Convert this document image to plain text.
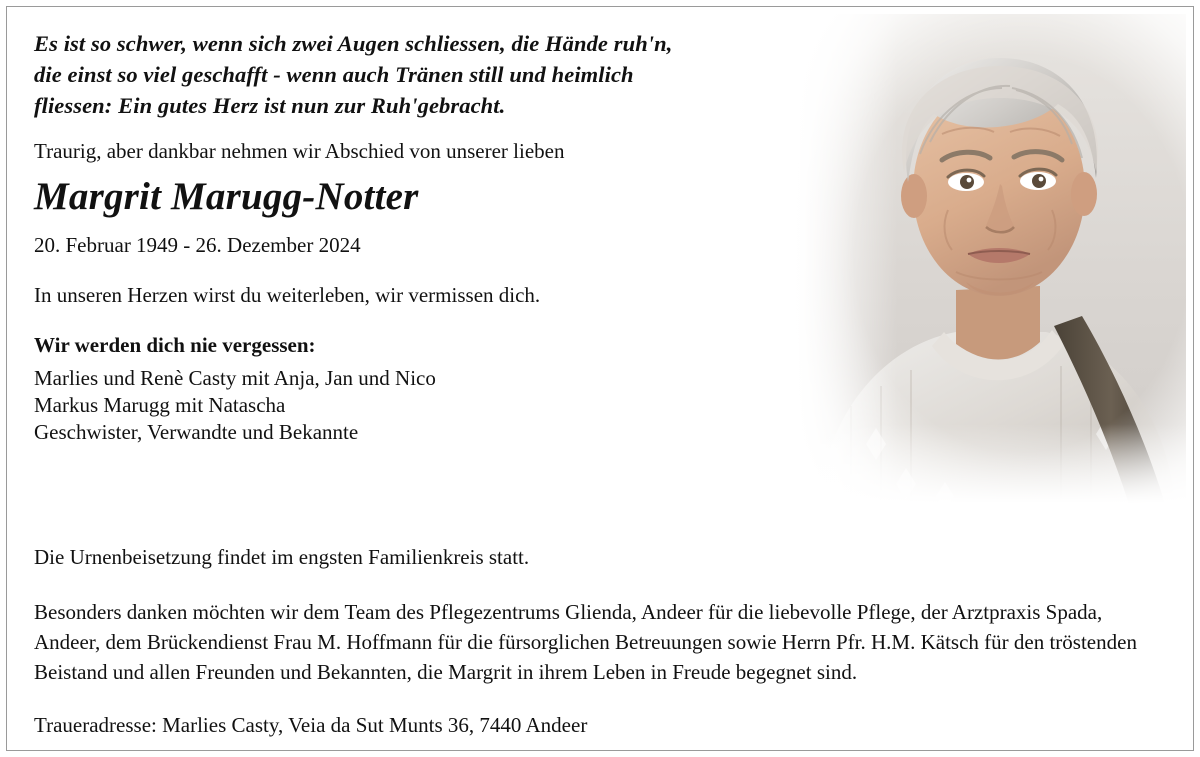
Es ist so schwer, wenn sich zwei Augen schliessen, die Hände ruh'n,
die einst so viel geschafft - wenn auch Tränen still und heimlich
fliessen: Ein gutes Herz ist nun zur Ruh'gebracht.

Traurig, aber dankbar nehmen wir Abschied von unserer lieben

Margrit Marugg-Notter

20. Februar 1949 - 26. Dezember 2024

In unseren Herzen wirst du weiterleben, wir vermissen dich.

Wir werden dich nie vergessen:

Marlies und Renè Casty mit Anja, Jan und Nico
Markus Marugg mit Natascha
Geschwister, Verwandte und Bekannte

Die Urnenbeisetzung findet im engsten Familienkreis statt.

Besonders danken möchten wir dem Team des Pflegezentrums Glienda, Andeer für die liebevolle Pflege, der Arztpraxis Spada, Andeer, dem Brückendienst Frau M. Hoffmann für die fürsorglichen Betreuungen sowie Herrn Pfr. H.M. Kätsch für den tröstenden Beistand und allen Freunden und Bekannten, die Margrit in ihrem Leben in Freude begegnet sind.

Traueradresse: Marlies Casty, Veia da Sut Munts 36, 7440 Andeer
